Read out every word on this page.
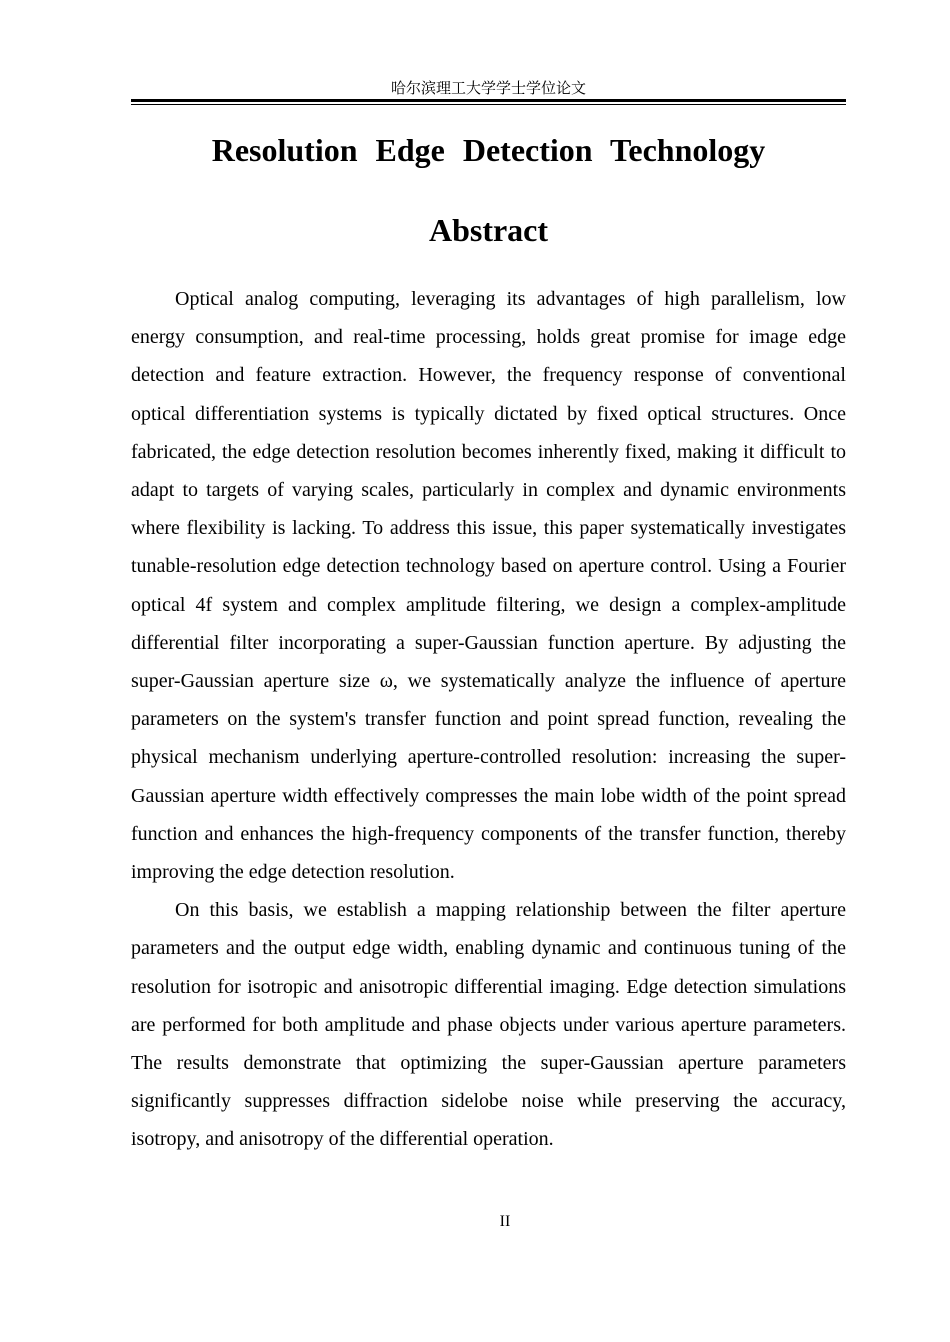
哈尔滨理工大学学士学位论文
Resolution Edge Detection Technology
Abstract

Optical analog computing, leveraging its advantages of high parallelism, low energy consumption, and real-time processing, holds great promise for image edge detection and feature extraction. However, the frequency response of conventional optical differentiation systems is typically dictated by fixed optical structures. Once fabricated, the edge detection resolution becomes inherently fixed, making it difficult to adapt to targets of varying scales, particularly in complex and dynamic environments where flexibility is lacking. To address this issue, this paper systematically investigates tunable-resolution edge detection technology based on aperture control. Using a Fourier optical 4f system and complex amplitude filtering, we design a complex-amplitude differential filter incorporating a super-Gaussian function aperture. By adjusting the super-Gaussian aperture size ω, we systematically analyze the influence of aperture parameters on the system's transfer function and point spread function, revealing the physical mechanism underlying aperture-controlled resolution: increasing the super-Gaussian aperture width effectively compresses the main lobe width of the point spread function and enhances the high-frequency components of the transfer function, thereby improving the edge detection resolution.

On this basis, we establish a mapping relationship between the filter aperture parameters and the output edge width, enabling dynamic and continuous tuning of the resolution for isotropic and anisotropic differential imaging. Edge detection simulations are performed for both amplitude and phase objects under various aperture parameters. The results demonstrate that optimizing the super-Gaussian aperture parameters significantly suppresses diffraction sidelobe noise while preserving the accuracy, isotropy, and anisotropy of the differential operation.

II
